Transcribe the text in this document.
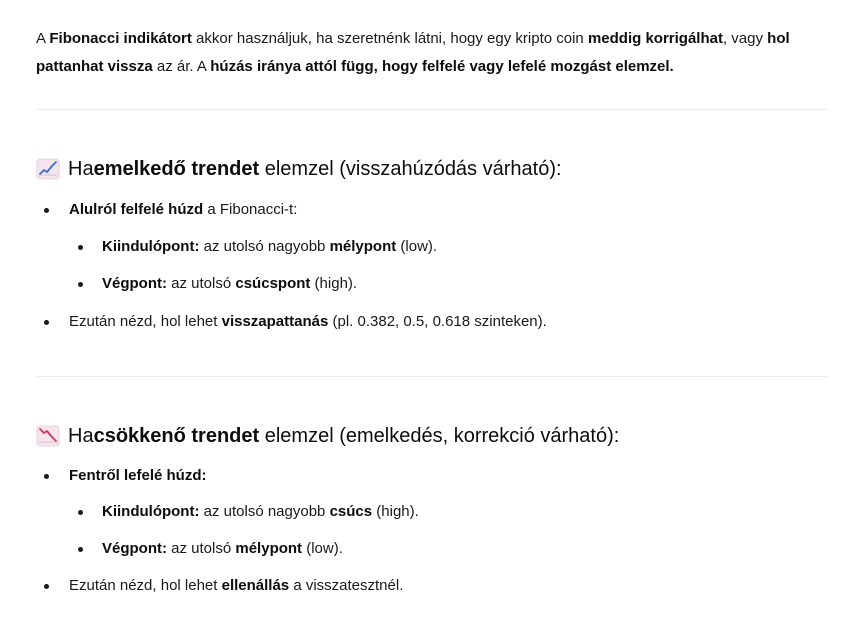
A Fibonacci indikátort akkor használjuk, ha szeretnénk látni, hogy egy kripto coin meddig korrigálhat, vagy hol pattanhat vissza az ár. A húzás iránya attól függ, hogy felfelé vagy lefelé mozgást elemzel.

Ha emelkedő trendet elemzel (visszahúzódás várható):
Alulról felfelé húzd a Fibonacci-t:
Kiindulópont: az utolsó nagyobb mélypont (low).
Végpont: az utolsó csúcspont (high).
Ezután nézd, hol lehet visszapattanás (pl. 0.382, 0.5, 0.618 szinteken).
Ha csökkenő trendet elemzel (emelkedés, korrekció várható):
Fentről lefelé húzd:
Kiindulópont: az utolsó nagyobb csúcs (high).
Végpont: az utolsó mélypont (low).
Ezután nézd, hol lehet ellenállás a visszatesztnél.
